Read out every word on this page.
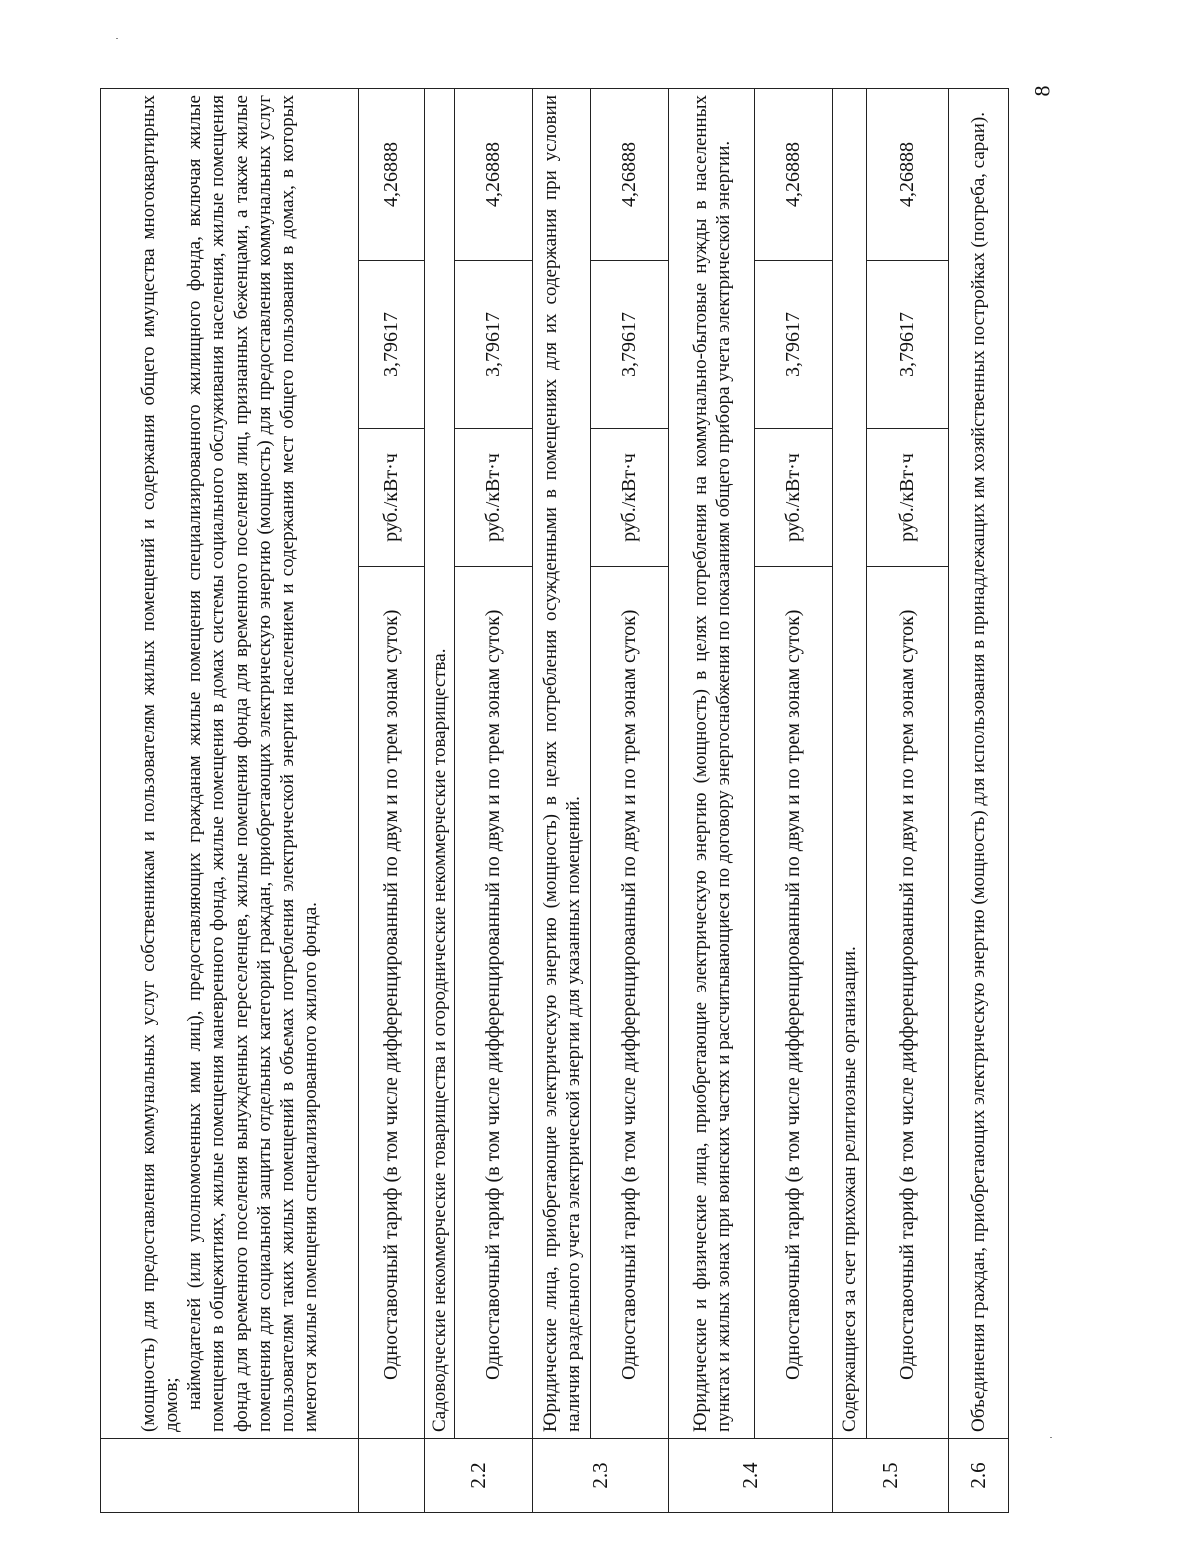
8

	(мощность) для предоставления коммунальных услуг собственникам и пользователям жилых помещений и содержания общего имущества многоквартирных домов; наймодателей (или уполномоченных ими лиц), предоставляющих гражданам жилые помещения специализированного жилищного фонда, включая жилые помещения в общежитиях, жилые помещения маневренного фонда, жилые помещения в домах системы социального обслуживания населения, жилые помещения фонда для временного поселения вынужденных переселенцев, жилые помещения фонда для временного поселения лиц, признанных беженцами, а также жилые помещения для социальной защиты отдельных категорий граждан, приобретающих электрическую энергию (мощность) для предоставления коммунальных услуг пользователям таких жилых помещений в объемах потребления электрической энергии населением и содержания мест общего пользования в домах, в которых имеются жилые помещения специализированного жилого фонда.			

	Одноставочный тариф (в том числе дифференцированный по двум и по трем зонам суток)	руб./кВт·ч	3,79617	4,26888
2.2	Садоводческие некоммерческие товарищества и огороднические некоммерческие товарищества.			
	Одноставочный тариф (в том числе дифференцированный по двум и по трем зонам суток)	руб./кВт·ч	3,79617	4,26888
2.3	Юридические лица, приобретающие электрическую энергию (мощность) в целях потребления осужденными в помещениях для их содержания при условии наличия раздельного учета электрической энергии для указанных помещений.			
	Одноставочный тариф (в том числе дифференцированный по двум и по трем зонам суток)	руб./кВт·ч	3,79617	4,26888
2.4	Юридические и физические лица, приобретающие электрическую энергию (мощность) в целях потребления на коммунально-бытовые нужды в населенных пунктах и жилых зонах при воинских частях и рассчитывающиеся по договору энергоснабжения по показаниям общего прибора учета электрической энергии.			
	Одноставочный тариф (в том числе дифференцированный по двум и по трем зонам суток)	руб./кВт·ч	3,79617	4,26888
2.5	Содержащиеся за счет прихожан религиозные организации.			
	Одноставочный тариф (в том числе дифференцированный по двум и по трем зонам суток)	руб./кВт·ч	3,79617	4,26888
2.6	Объединения граждан, приобретающих электрическую энергию (мощность) для использования в принадлежащих им хозяйственных постройках (погреба, сараи).			
